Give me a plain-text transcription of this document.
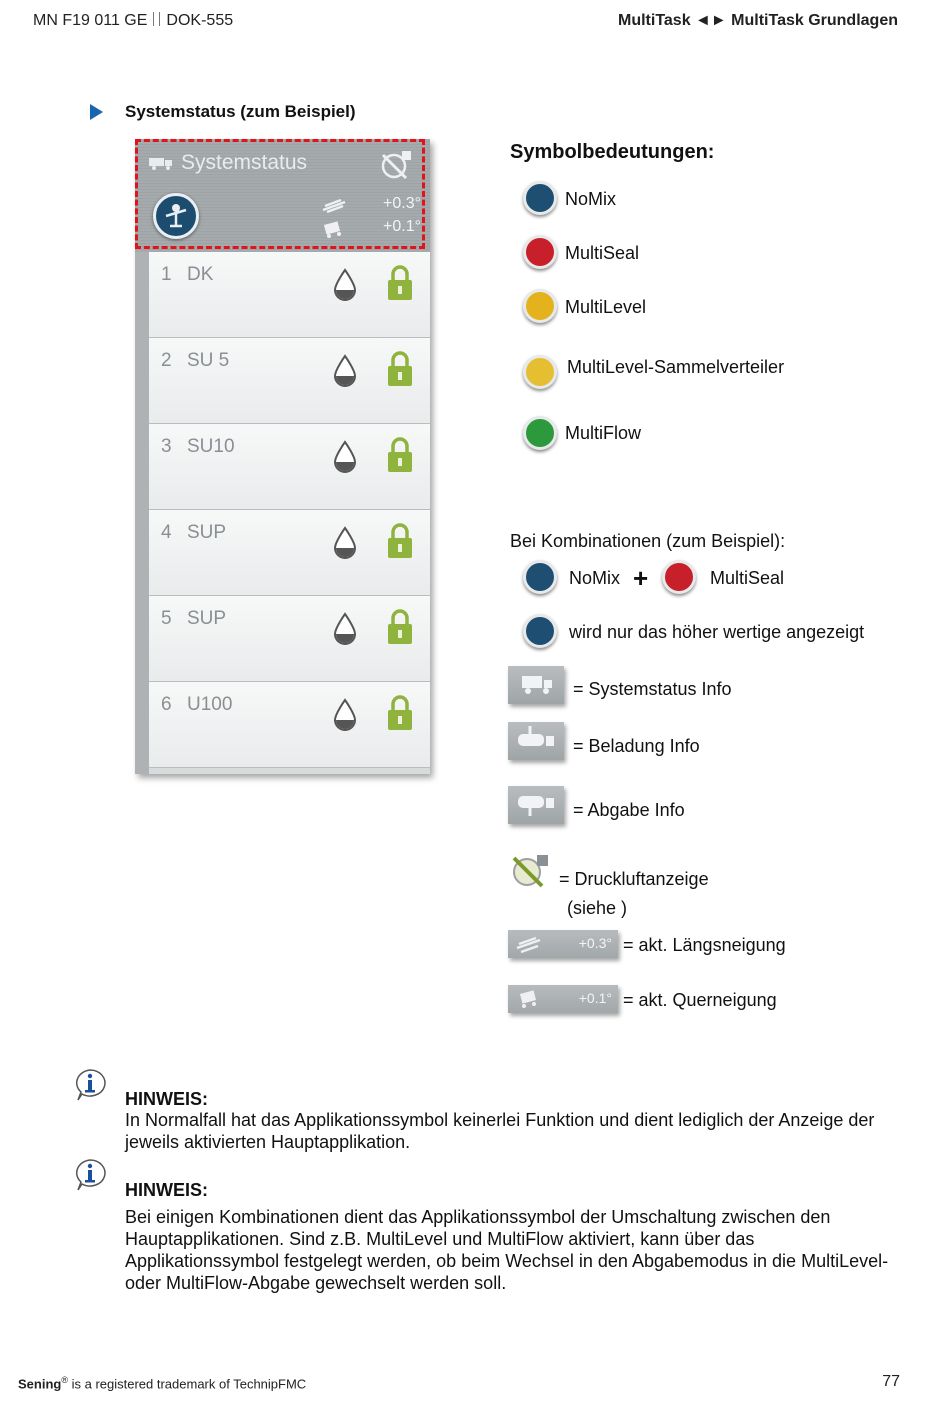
MN F19 011 GE DOK-555	MultiTask ◄► MultiTask Grundlagen
Systemstatus (zum Beispiel)
Systemstatus
+0.3°
+0.1°
1 DK
2 SU 5
3 SU10
4 SUP
5 SUP
6 U100
Symbolbedeutungen:
NoMix
MultiSeal
MultiLevel
MultiLevel-Sammelverteiler
MultiFlow
Bei Kombinationen (zum Beispiel):
NoMix +	MultiSeal
wird nur das höher wertige angezeigt
= Systemstatus Info
= Beladung Info
= Abgabe Info
= Druckluftanzeige
(siehe )
+0.3° = akt. Längsneigung
+0.1° = akt. Querneigung
HINWEIS:
In Normalfall hat das Applikationssymbol keinerlei Funktion und dient lediglich der Anzeige der jeweils aktivierten Hauptapplikation.
HINWEIS:
Bei einigen Kombinationen dient das Applikationssymbol der Umschaltung zwischen den Hauptapplikationen. Sind z.B. MultiLevel und MultiFlow aktiviert, kann über das Applikationssymbol festgelegt werden, ob beim Wechsel in den Abgabemodus in die MultiLevel- oder MultiFlow-Abgabe gewechselt werden soll.
Sening® is a registered trademark of TechnipFMC	77
